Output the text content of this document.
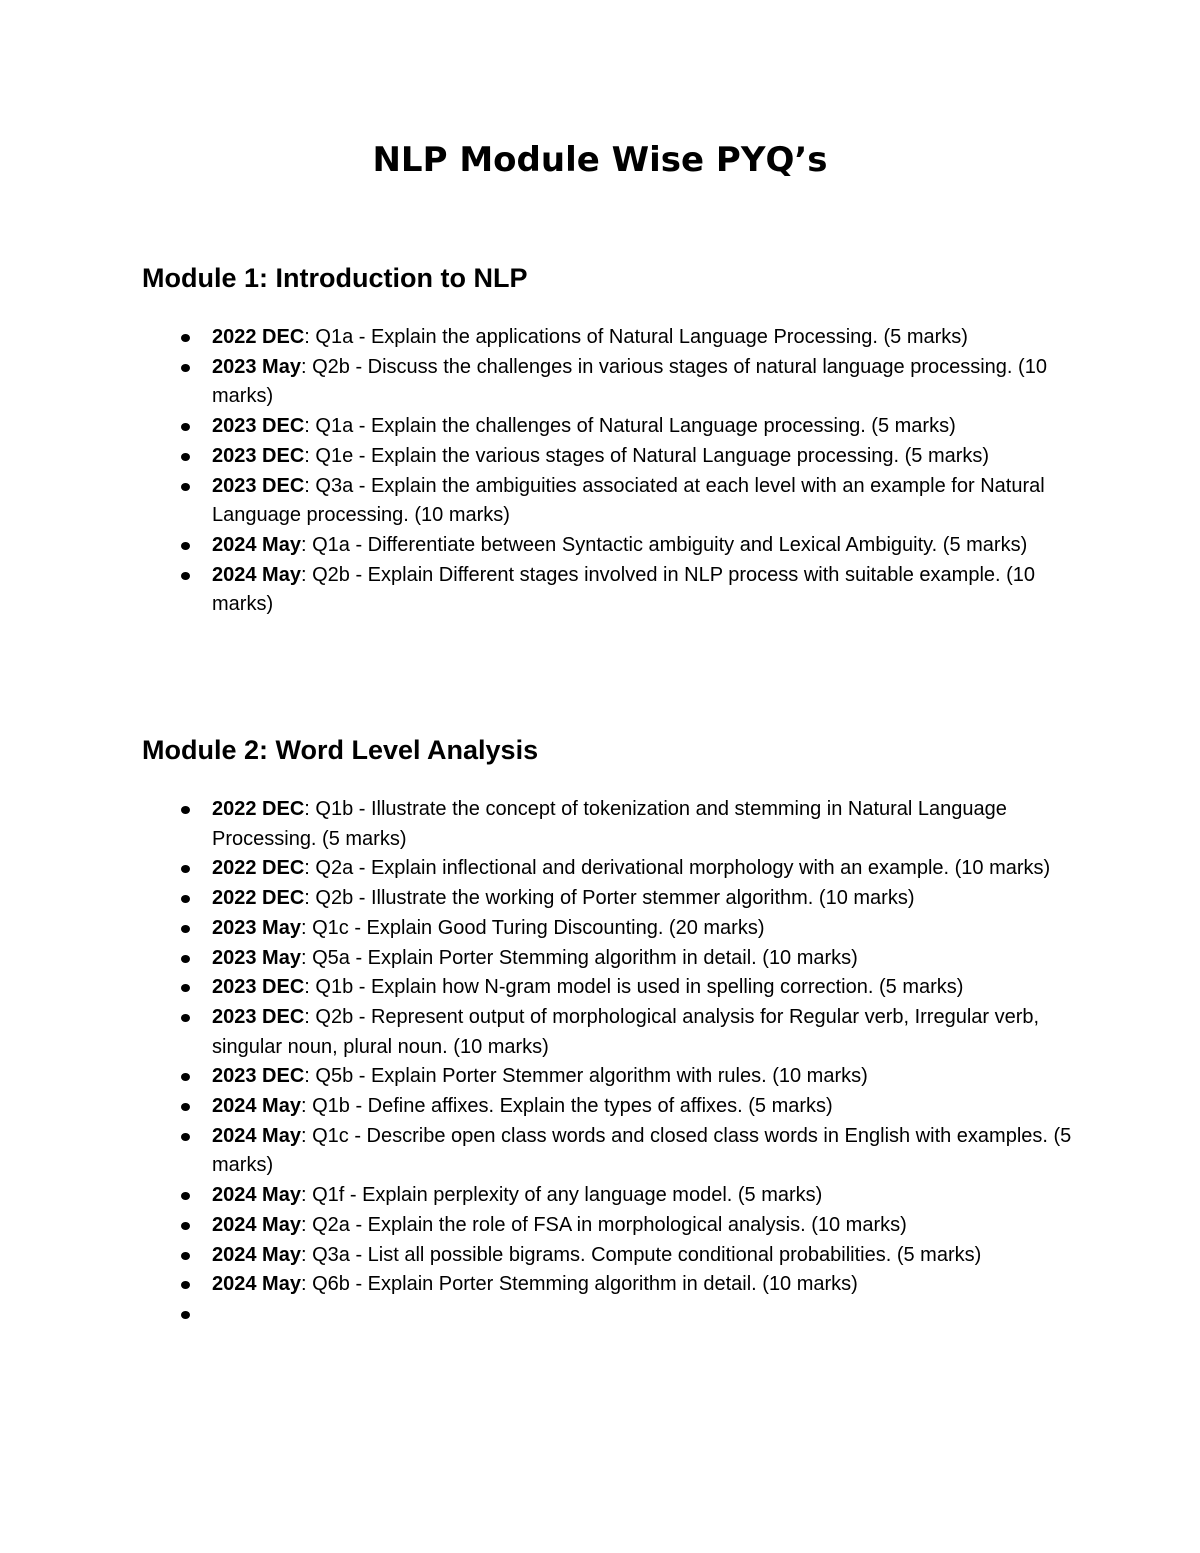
NLP Module Wise PYQ’s
Module 1: Introduction to NLP
2022 DEC: Q1a - Explain the applications of Natural Language Processing. (5 marks)
2023 May: Q2b - Discuss the challenges in various stages of natural language processing. (10 marks)
2023 DEC: Q1a - Explain the challenges of Natural Language processing. (5 marks)
2023 DEC: Q1e - Explain the various stages of Natural Language processing. (5 marks)
2023 DEC: Q3a - Explain the ambiguities associated at each level with an example for Natural Language processing. (10 marks)
2024 May: Q1a - Differentiate between Syntactic ambiguity and Lexical Ambiguity. (5 marks)
2024 May: Q2b - Explain Different stages involved in NLP process with suitable example. (10 marks)
Module 2: Word Level Analysis
2022 DEC: Q1b - Illustrate the concept of tokenization and stemming in Natural Language Processing. (5 marks)
2022 DEC: Q2a - Explain inflectional and derivational morphology with an example. (10 marks)
2022 DEC: Q2b - Illustrate the working of Porter stemmer algorithm. (10 marks)
2023 May: Q1c - Explain Good Turing Discounting. (20 marks)
2023 May: Q5a - Explain Porter Stemming algorithm in detail. (10 marks)
2023 DEC: Q1b - Explain how N-gram model is used in spelling correction. (5 marks)
2023 DEC: Q2b - Represent output of morphological analysis for Regular verb, Irregular verb, singular noun, plural noun. (10 marks)
2023 DEC: Q5b - Explain Porter Stemmer algorithm with rules. (10 marks)
2024 May: Q1b - Define affixes. Explain the types of affixes. (5 marks)
2024 May: Q1c - Describe open class words and closed class words in English with examples. (5 marks)
2024 May: Q1f - Explain perplexity of any language model. (5 marks)
2024 May: Q2a - Explain the role of FSA in morphological analysis. (10 marks)
2024 May: Q3a - List all possible bigrams. Compute conditional probabilities. (5 marks)
2024 May: Q6b - Explain Porter Stemming algorithm in detail. (10 marks)
